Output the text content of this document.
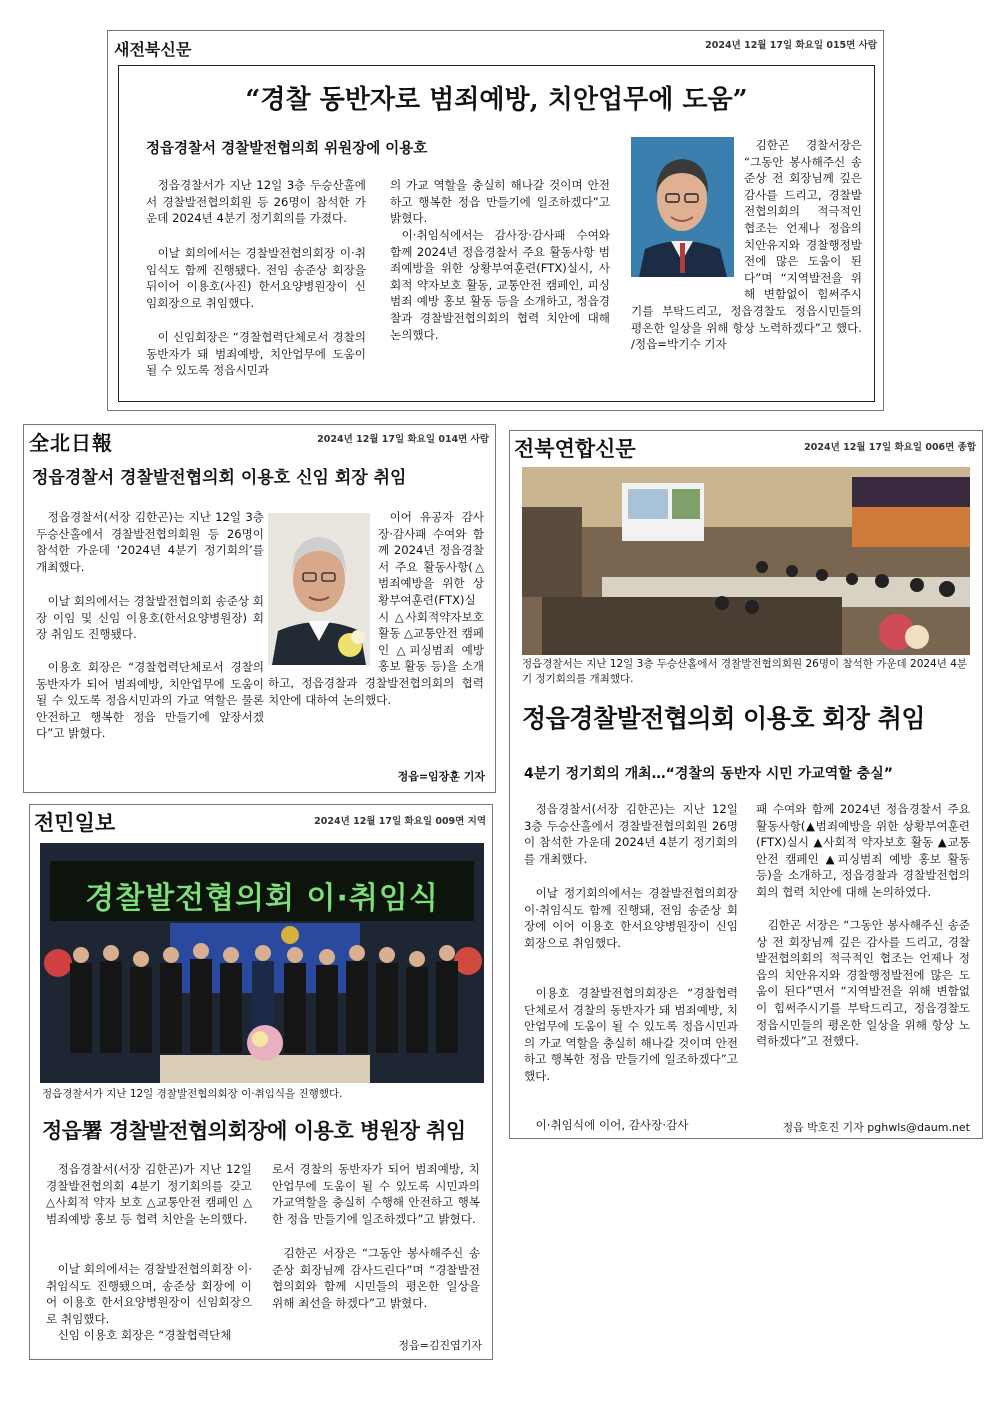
새전북신문	2024년 12월 17일 화요일 015면 사람
“경찰 동반자로 범죄예방, 치안업무에 도움”
정읍경찰서 경찰발전협의회 위원장에 이용호
정읍경찰서가 지난 12일 3층 두승산홀에서 경찰발전협의회원 등 26명이 참석한 가운데 2024년 4분기 정기회의를 가졌다.
이날 회의에서는 경찰발전협의회장 이·취임식도 함께 진행됐다. 전임 송준상 회장을 뒤이어 이용호(사진) 한서요양병원장이 신임회장으로 취임했다.
이 신임회장은 “경찰협력단체로서 경찰의 동반자가 돼 범죄예방, 치안업무에 도움이 될 수 있도록 정읍시민과
의 가교 역할을 충실히 해나갈 것이며 안전하고 행복한 정읍 만들기에 일조하겠다”고 밝혔다.
이·취임식에서는 감사장·감사패 수여와 함께 2024년 정읍경찰서 주요 활동사항 범죄예방을 위한 상황부여훈련(FTX)실시, 사회적 약자보호 활동, 교통안전 캠페인, 피싱 범죄 예방 홍보 활동 등을 소개하고, 정읍경찰과 경찰발전협의회의 협력 치안에 대해 논의했다.
김한곤 경찰서장은 “그동안 봉사해주신 송준상 전 회장님께 깊은 감사를 드리고, 경찰발전협의회의 적극적인 협조는 언제나 정읍의 치안유지와 경찰행정발전에 많은 도움이 된다”며 “지역발전을 위해 변함없이 힘써주시기를 부탁드리고, 정읍경찰도 정읍시민들의 평온한 일상을 위해 항상 노력하겠다”고 했다. /정읍=박기수 기자
全北日報	2024년 12월 17일 화요일 014면 사람
정읍경찰서 경찰발전협의회 이용호 신임 회장 취임
정읍경찰서(서장 김한곤)는 지난 12일 3층 두승산홀에서 경찰발전협의회원 등 26명이 참석한 가운데 ‘2024년 4분기 정기회의’를 개최했다.
이날 회의에서는 경찰발전협의회 송준상 회장 이임 및 신임 이용호(한서요양병원장) 회장 취임도 진행됐다.
이용호 회장은 “경찰협력단체로서 경찰의 동반자가 되어 범죄예방, 치안업무에 도움이 될 수 있도록 정읍시민과의 가교 역할은 물론 안전하고 행복한 정읍 만들기에 앞장서겠다”고 밝혔다.
이어 유공자 감사장·감사패 수여와 함께 2024년 정읍경찰서 주요 활동사항(△범죄예방을 위한 상황부여훈련(FTX)실시 △사회적약자보호 활동 △교통안전 캠페인 △피싱범죄 예방 홍보 활동 등)을 소개하고, 정읍경찰과 경찰발전협의회의 협력 치안에 대하여 논의했다.
정읍=임장훈 기자
전북연합신문	2024년 12월 17일 화요일 006면 종합
정읍경찰서는 지난 12일 3층 두승산홀에서 경찰발전협의회원 26명이 참석한 가운데 2024년 4분기 정기회의를 개최했다.
정읍경찰발전협의회 이용호 회장 취임
4분기 정기회의 개최…“경찰의 동반자 시민 가교역할 충실”
정읍경찰서(서장 김한곤)는 지난 12일 3층 두승산홀에서 경찰발전협의회원 26명이 참석한 가운데 2024년 4분기 정기회의를 개최했다.
이날 정기회의에서는 경찰발전협의회장 이·취임식도 함께 진행돼, 전임 송준상 회장에 이어 이용호 한서요양병원장이 신임회장으로 취임했다.
이용호 경찰발전협의회장은 “경찰협력단체로서 경찰의 동반자가 돼 범죄예방, 치안업무에 도움이 될 수 있도록 정읍시민과의 가교 역할을 충실히 해나갈 것이며 안전하고 행복한 정읍 만들기에 일조하겠다”고 했다.
이·취임식에 이어, 감사장·감사
패 수여와 함께 2024년 정읍경찰서 주요 활동사항(▲범죄예방을 위한 상황부여훈련(FTX)실시 ▲사회적 약자보호 활동 ▲교통안전 캠페인 ▲피싱범죄 예방 홍보 활동 등)을 소개하고, 정읍경찰과 경찰발전협의회의 협력 치안에 대해 논의하였다.
김한곤 서장은 “그동안 봉사해주신 송준상 전 회장님께 깊은 감사를 드리고, 경찰발전협의회의 적극적인 협조는 언제나 정읍의 치안유지와 경찰행정발전에 많은 도움이 된다”면서 “지역발전을 위해 변함없이 힘써주시기를 부탁드리고, 정읍경찰도 정읍시민들의 평온한 일상을 위해 항상 노력하겠다”고 전했다.
정읍 박호진 기자 pghwls@daum.net
전민일보	2024년 12월 17일 화요일 009면 지역
경찰발전협의회 이·취임식
정읍경찰서가 지난 12일 경찰발전협의회장 이·취임식을 진행했다.
정읍署 경찰발전협의회장에 이용호 병원장 취임
정읍경찰서(서장 김한곤)가 지난 12일 경찰발전협의회 4분기 정기회의를 갖고 △사회적 약자 보호 △교통안전 캠페인 △범죄예방 홍보 등 협력 치안을 논의했다.
이날 회의에서는 경찰발전협의회장 이·취임식도 진행됐으며, 송준상 회장에 이어 이용호 한서요양병원장이 신임회장으로 취임했다.
신임 이용호 회장은 “경찰협력단체
로서 경찰의 동반자가 되어 범죄예방, 치안업무에 도움이 될 수 있도록 시민과의 가교역할을 충실히 수행해 안전하고 행복한 정읍 만들기에 일조하겠다”고 밝혔다.
김한곤 서장은 “그동안 봉사해주신 송준상 회장님께 감사드린다”며 “경찰발전협의회와 함께 시민들의 평온한 일상을 위해 최선을 하겠다”고 밝혔다.
정읍=김진엽기자
